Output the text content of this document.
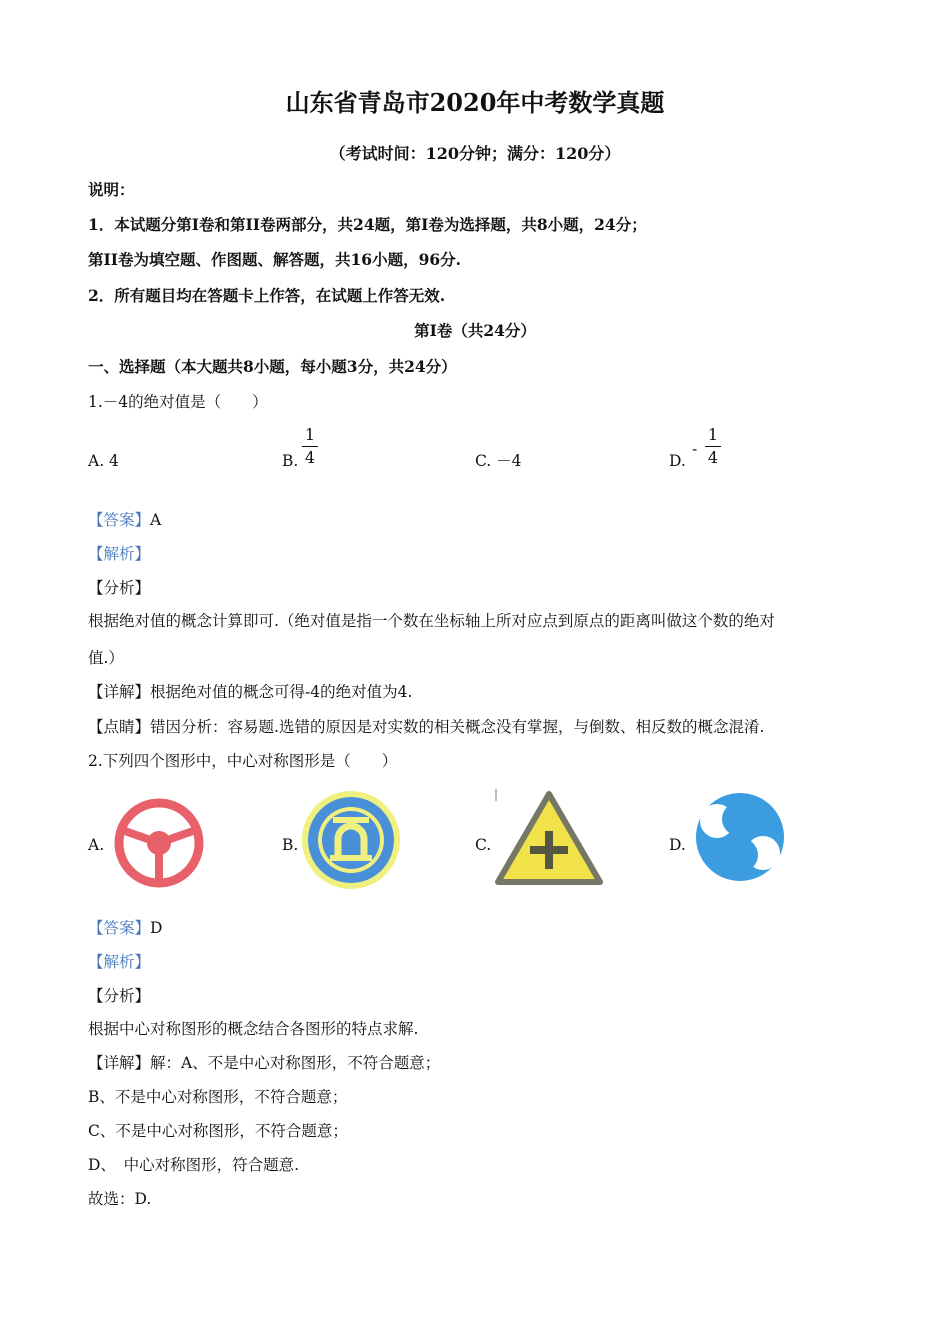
山东省青岛市2020年中考数学真题
（考试时间：120分钟；满分：120分）
说明：
1．本试题分第I卷和第II卷两部分，共24题，第I卷为选择题，共8小题，24分；
第II卷为填空题、作图题、解答题，共16小题，96分.
2．所有题目均在答题卡上作答，在试题上作答无效.
第I卷（共24分）
一、选择题（本大题共8小题，每小题3分，共24分）
1.－4的绝对值是（　　）
A. 4	B.
1
4	C. －4	D.
-
1
4
【答案】A
【解析】
【分析】
根据绝对值的概念计算即可.（绝对值是指一个数在坐标轴上所对应点到原点的距离叫做这个数的绝对
值.）
【详解】根据绝对值的概念可得-4的绝对值为4.
【点睛】错因分析：容易题.选错的原因是对实数的相关概念没有掌握，与倒数、相反数的概念混淆.
2.下列四个图形中，中心对称图形是（　　）
A.	B.	C.	D.
【答案】D
【解析】
【分析】
根据中心对称图形的概念结合各图形的特点求解.
【详解】解：A、不是中心对称图形，不符合题意；
B、不是中心对称图形，不符合题意；
C、不是中心对称图形，不符合题意；
D、　中心对称图形，符合题意.
故选：D.
